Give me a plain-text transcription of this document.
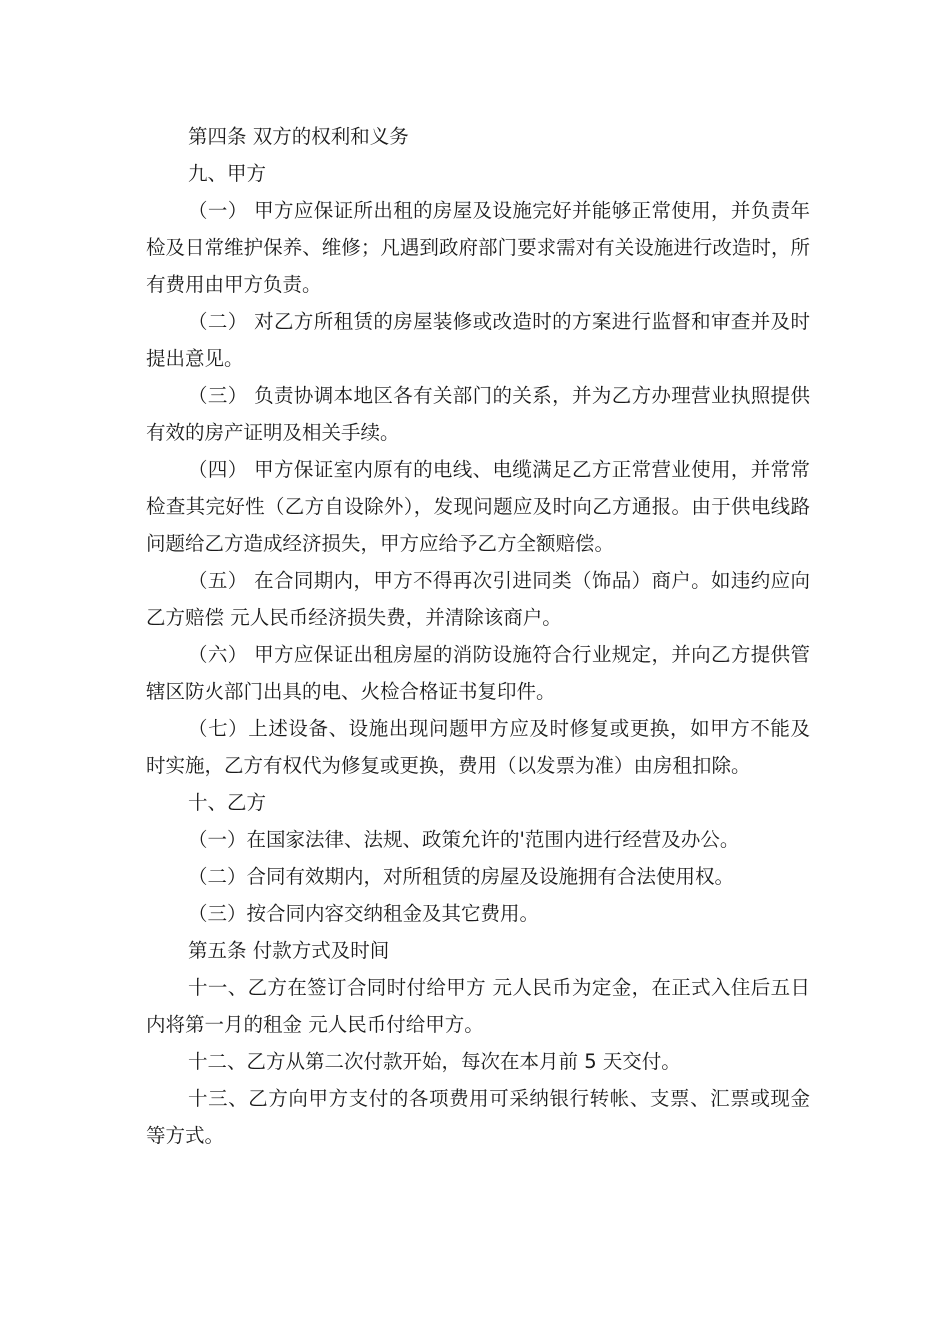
第四条 双方的权利和义务

九、甲方

（一） 甲方应保证所出租的房屋及设施完好并能够正常使用，并负责年检及日常维护保养、维修；凡遇到政府部门要求需对有关设施进行改造时，所有费用由甲方负责。

（二） 对乙方所租赁的房屋装修或改造时的方案进行监督和审查并及时提出意见。

（三） 负责协调本地区各有关部门的关系，并为乙方办理营业执照提供有效的房产证明及相关手续。

（四） 甲方保证室内原有的电线、电缆满足乙方正常营业使用，并常常检查其完好性（乙方自设除外），发现问题应及时向乙方通报。由于供电线路问题给乙方造成经济损失，甲方应给予乙方全额赔偿。

（五） 在合同期内，甲方不得再次引进同类（饰品）商户。如违约应向乙方赔偿 元人民币经济损失费，并清除该商户。

（六） 甲方应保证出租房屋的消防设施符合行业规定，并向乙方提供管辖区防火部门出具的电、火检合格证书复印件。

（七）上述设备、设施出现问题甲方应及时修复或更换，如甲方不能及时实施，乙方有权代为修复或更换，费用（以发票为准）由房租扣除。

十、乙方

（一）在国家法律、法规、政策允许的'范围内进行经营及办公。

（二）合同有效期内，对所租赁的房屋及设施拥有合法使用权。

（三）按合同内容交纳租金及其它费用。

第五条 付款方式及时间

十一、乙方在签订合同时付给甲方 元人民币为定金，在正式入住后五日内将第一月的租金 元人民币付给甲方。

十二、乙方从第二次付款开始，每次在本月前 5 天交付。

十三、乙方向甲方支付的各项费用可采纳银行转帐、支票、汇票或现金等方式。
